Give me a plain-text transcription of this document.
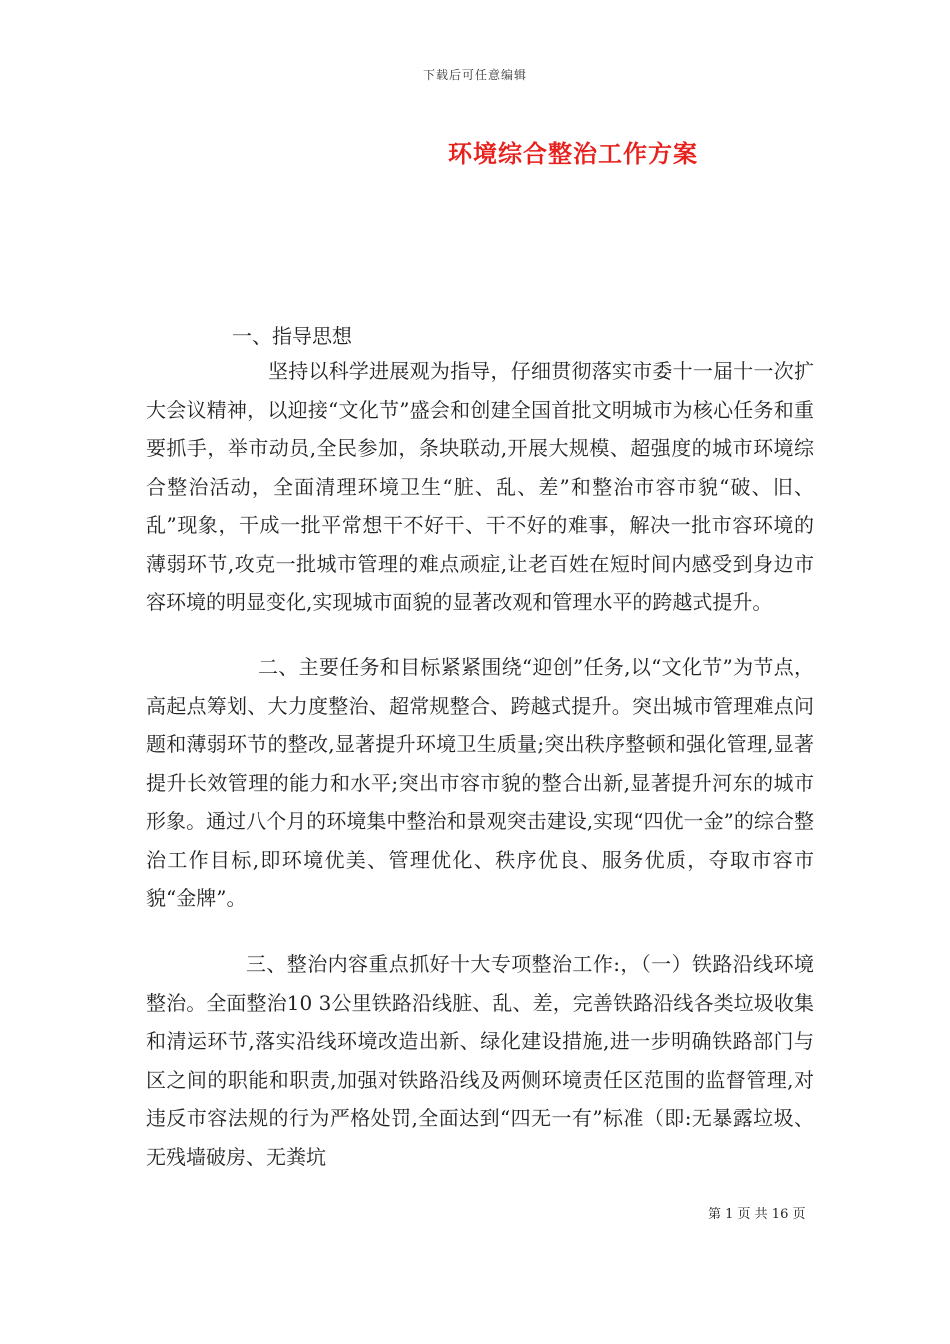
下载后可任意编辑
环境综合整治工作方案
一、指导思想

坚持以科学进展观为指导，仔细贯彻落实市委十一届十一次扩大会议精神，以迎接“文化节”盛会和创建全国首批文明城市为核心任务和重要抓手，举市动员,全民参加，条块联动,开展大规模、超强度的城市环境综合整治活动，全面清理环境卫生“脏、乱、差”和整治市容市貌“破、旧、乱”现象，干成一批平常想干不好干、干不好的难事，解决一批市容环境的薄弱环节,攻克一批城市管理的难点顽症,让老百姓在短时间内感受到身边市容环境的明显变化,实现城市面貌的显著改观和管理水平的跨越式提升。

二、主要任务和目标紧紧围绕“迎创”任务,以“文化节”为节点，高起点筹划、大力度整治、超常规整合、跨越式提升。突出城市管理难点问题和薄弱环节的整改,显著提升环境卫生质量;突出秩序整顿和强化管理,显著提升长效管理的能力和水平;突出市容市貌的整合出新,显著提升河东的城市形象。通过八个月的环境集中整治和景观突击建设,实现“四优一金”的综合整治工作目标,即环境优美、管理优化、秩序优良、服务优质，夺取市容市貌“金牌”。

三、整治内容重点抓好十大专项整治工作:，（一）铁路沿线环境整治。全面整治10 3公里铁路沿线脏、乱、差，完善铁路沿线各类垃圾收集和清运环节,落实沿线环境改造出新、绿化建设措施,进一步明确铁路部门与区之间的职能和职责,加强对铁路沿线及两侧环境责任区范围的监督管理,对违反市容法规的行为严格处罚,全面达到“四无一有”标准（即:无暴露垃圾、无残墙破房、无粪坑

第 1 页 共 16 页
